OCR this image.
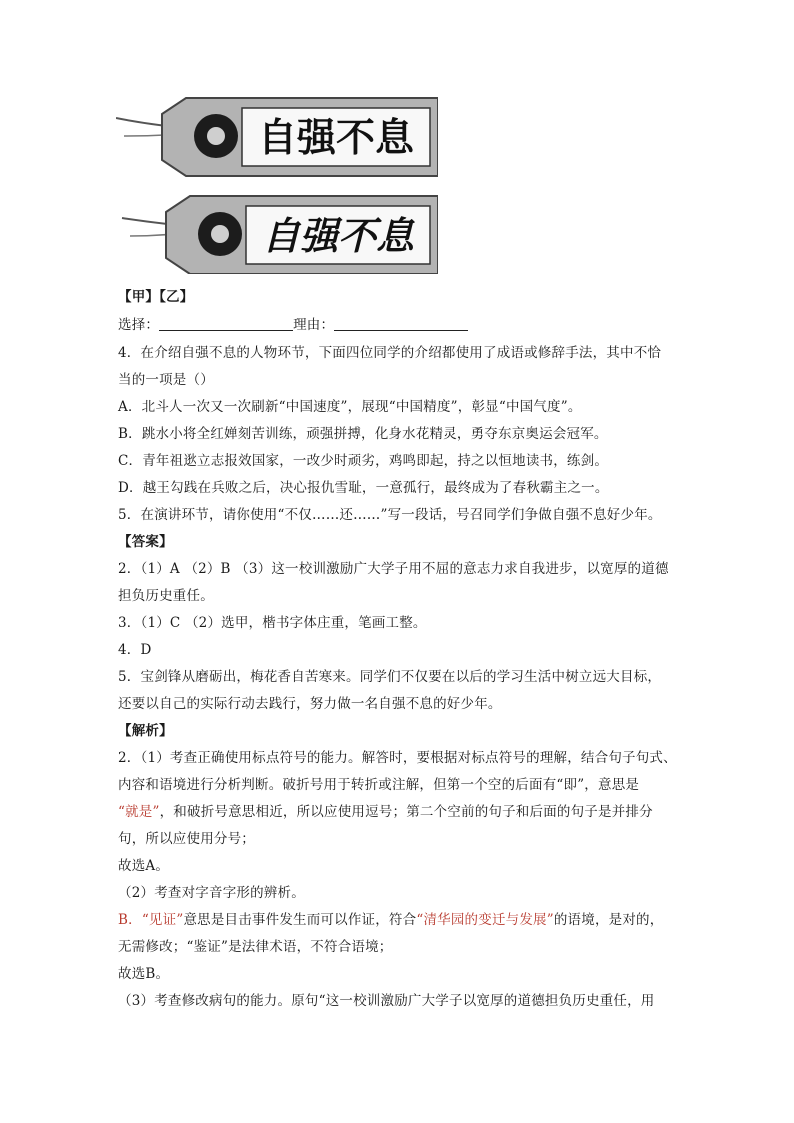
自强不息
自强不息
【甲】【乙】
选择：	理由：
4．在介绍自强不息的人物环节，下面四位同学的介绍都使用了成语或修辞手法，其中不恰
当的一项是（）
A．北斗人一次又一次刷新“中国速度”，展现“中国精度”，彰显“中国气度”。
B．跳水小将全红婵刻苦训练，顽强拼搏，化身水花精灵，勇夺东京奥运会冠军。
C．青年祖逖立志报效国家，一改少时顽劣，鸡鸣即起，持之以恒地读书，练剑。
D．越王勾践在兵败之后，决心报仇雪耻，一意孤行，最终成为了春秋霸主之一。
5．在演讲环节，请你使用“不仅……还……”写一段话，号召同学们争做自强不息好少年。
【答案】
2．（1）A （2）B （3）这一校训激励广大学子用不屈的意志力求自我进步，以宽厚的道德
担负历史重任。
3．（1）C （2）选甲，楷书字体庄重，笔画工整。
4．D
5．宝剑锋从磨砺出，梅花香自苦寒来。同学们不仅要在以后的学习生活中树立远大目标，
还要以自己的实际行动去践行，努力做一名自强不息的好少年。
【解析】
2．（1）考查正确使用标点符号的能力。解答时，要根据对标点符号的理解，结合句子句式、
内容和语境进行分析判断。破折号用于转折或注解，但第一个空的后面有“即”，意思是
“就是”，和破折号意思相近，所以应使用逗号；第二个空前的句子和后面的句子是并排分
句，所以应使用分号；
故选A。
（2）考查对字音字形的辨析。
B．“见证”意思是目击事件发生而可以作证，符合“清华园的变迁与发展”的语境，是对的，
无需修改；“鉴证”是法律术语，不符合语境；
故选B。
（3）考查修改病句的能力。原句“这一校训激励广大学子以宽厚的道德担负历史重任，用
